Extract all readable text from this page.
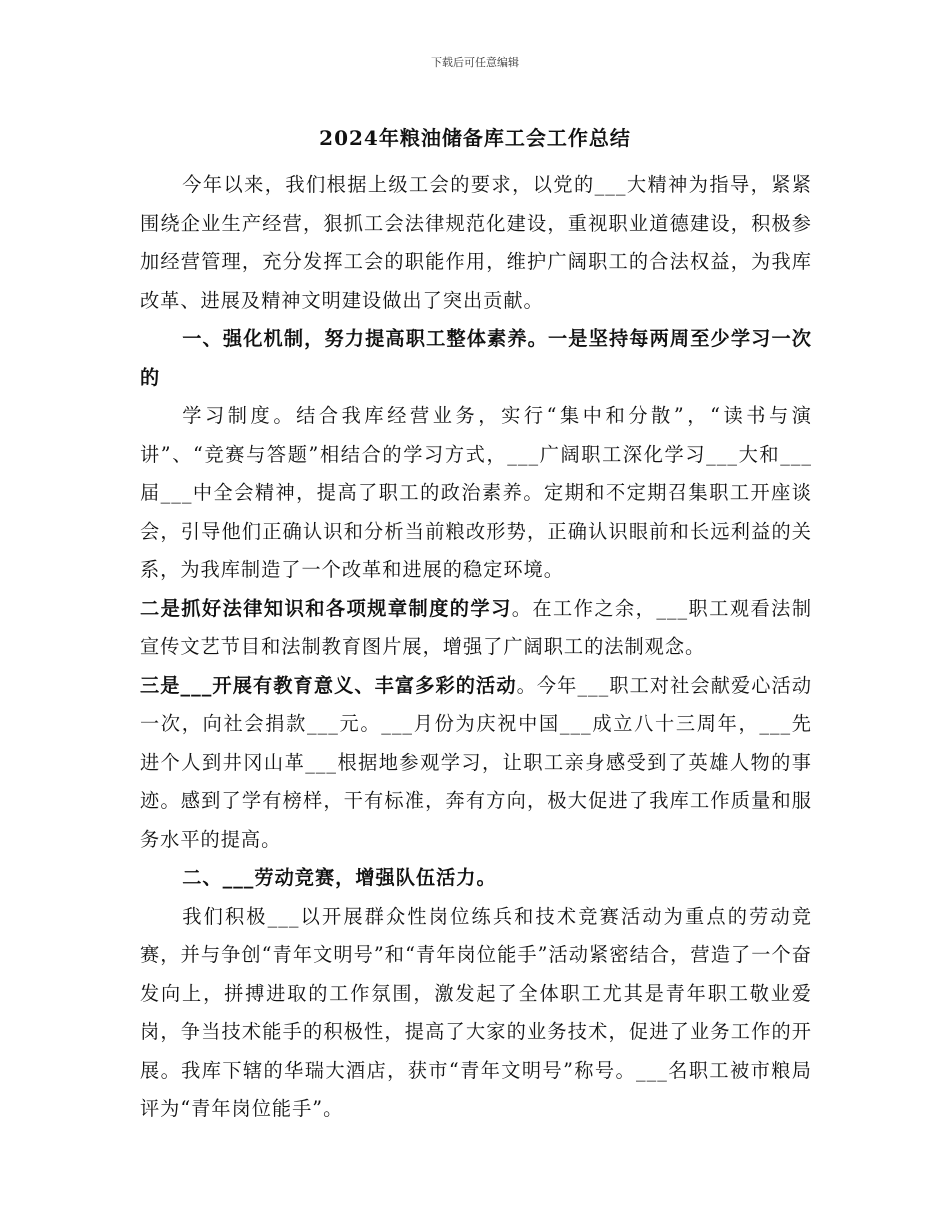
下载后可任意编辑
2024年粮油储备库工会工作总结

今年以来，我们根据上级工会的要求，以党的___大精神为指导，紧紧围绕企业生产经营，狠抓工会法律规范化建设，重视职业道德建设，积极参加经营管理，充分发挥工会的职能作用，维护广阔职工的合法权益，为我库改革、进展及精神文明建设做出了突出贡献。

一、强化机制，努力提高职工整体素养。一是坚持每两周至少学习一次的

学习制度。结合我库经营业务，实行“集中和分散”，“读书与演讲”、“竞赛与答题”相结合的学习方式，___广阔职工深化学习___大和___届___中全会精神，提高了职工的政治素养。定期和不定期召集职工开座谈会，引导他们正确认识和分析当前粮改形势，正确认识眼前和长远利益的关系，为我库制造了一个改革和进展的稳定环境。

二是抓好法律知识和各项规章制度的学习。在工作之余，___职工观看法制宣传文艺节目和法制教育图片展，增强了广阔职工的法制观念。

三是___开展有教育意义、丰富多彩的活动。今年___职工对社会献爱心活动一次，向社会捐款___元。___月份为庆祝中国___成立八十三周年，___先进个人到井冈山革___根据地参观学习，让职工亲身感受到了英雄人物的事迹。感到了学有榜样，干有标准，奔有方向，极大促进了我库工作质量和服务水平的提高。

二、___劳动竞赛，增强队伍活力。

我们积极___以开展群众性岗位练兵和技术竞赛活动为重点的劳动竞赛，并与争创“青年文明号”和“青年岗位能手”活动紧密结合，营造了一个奋发向上，拼搏进取的工作氛围，激发起了全体职工尤其是青年职工敬业爱岗，争当技术能手的积极性，提高了大家的业务技术，促进了业务工作的开展。我库下辖的华瑞大酒店，获市“青年文明号”称号。___名职工被市粮局评为“青年岗位能手”。
